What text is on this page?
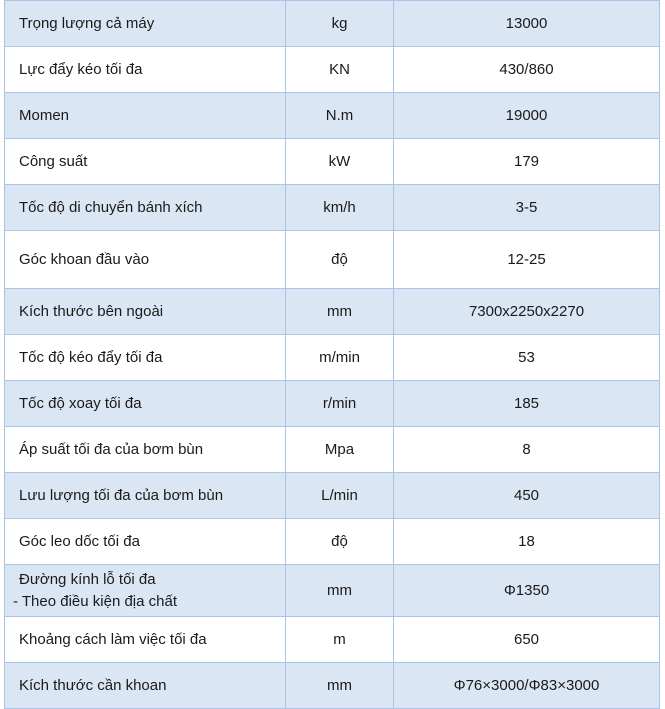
Trọng lượng cả máy	kg	13000
Lực đẩy kéo tối đa	KN	430/860
Momen	N.m	19000
Công suất	kW	179
Tốc độ di chuyển bánh xích	km/h	3-5
Góc khoan đầu vào	độ	12-25
Kích thước bên ngoài	mm	7300x2250x2270
Tốc độ kéo đẩy tối đa	m/min	53
Tốc độ xoay tối đa	r/min	185
Áp suất tối đa của bơm bùn	Mpa	8
Lưu lượng tối đa của bơm bùn	L/min	450
Góc leo dốc tối đa	độ	18

Đường kính lỗ tối đa
- Theo điều kiện địa chất	mm	Φ1350
Khoảng cách làm việc tối đa	m	650
Kích thước cần khoan	mm	Φ76×3000/Φ83×3000
